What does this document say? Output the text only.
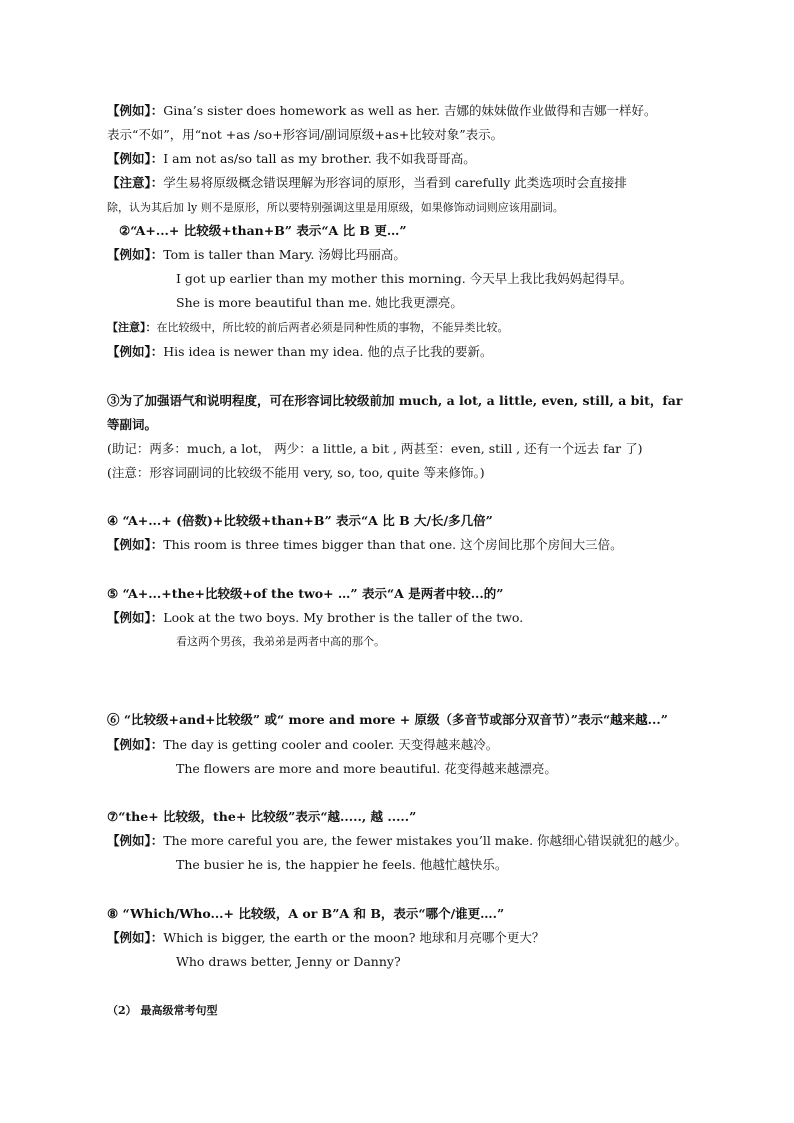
【例如】：Gina’s sister does homework as well as her. 吉娜的妹妹做作业做得和吉娜一样好。
表示“不如”，用“not +as /so+形容词/副词原级+as+比较对象”表示。
【例如】：I am not as/so tall as my brother. 我不如我哥哥高。
【注意】：学生易将原级概念错误理解为形容词的原形，当看到 carefully 此类选项时会直接排
除，认为其后加 ly 则不是原形，所以要特别强调这里是用原级，如果修饰动词则应该用副词。
②“A+...+ 比较级+than+B” 表示“A 比 B 更…”
【例如】：Tom is taller than Mary. 汤姆比玛丽高。
I got up earlier than my mother this morning. 今天早上我比我妈妈起得早。
She is more beautiful than me. 她比我更漂亮。
【注意】：在比较级中，所比较的前后两者必须是同种性质的事物，不能异类比较。
【例如】：His idea is newer than my idea. 他的点子比我的要新。
③为了加强语气和说明程度，可在形容词比较级前加 much, a lot, a little, even, still, a bit，far
等副词。
(助记：两多：much, a lot， 两少：a little, a bit , 两甚至：even, still , 还有一个远去 far 了)
(注意：形容词副词的比较级不能用 very, so, too, quite 等来修饰。)
④ “A+...+ (倍数)+比较级+than+B” 表示“A 比 B 大/长/多几倍”
【例如】：This room is three times bigger than that one. 这个房间比那个房间大三倍。
⑤ “A+...+the+比较级+of the two+ …” 表示“A 是两者中较...的”
【例如】：Look at the two boys. My brother is the taller of the two.
看这两个男孩，我弟弟是两者中高的那个。
⑥ “比较级+and+比较级” 或“ more and more + 原级（多音节或部分双音节）”表示“越来越...”
【例如】：The day is getting cooler and cooler. 天变得越来越冷。
The flowers are more and more beautiful. 花变得越来越漂亮。
⑦“the+ 比较级，the+ 比较级”表示“越....., 越 .....”
【例如】：The more careful you are, the fewer mistakes you’ll make. 你越细心错误就犯的越少。
The busier he is, the happier he feels. 他越忙越快乐。
⑧ “Which/Who...+ 比较级，A or B”A 和 B，表示“哪个/谁更….”
【例如】：Which is bigger, the earth or the moon? 地球和月亮哪个更大？
Who draws better, Jenny or Danny?
（2） 最高级常考句型
